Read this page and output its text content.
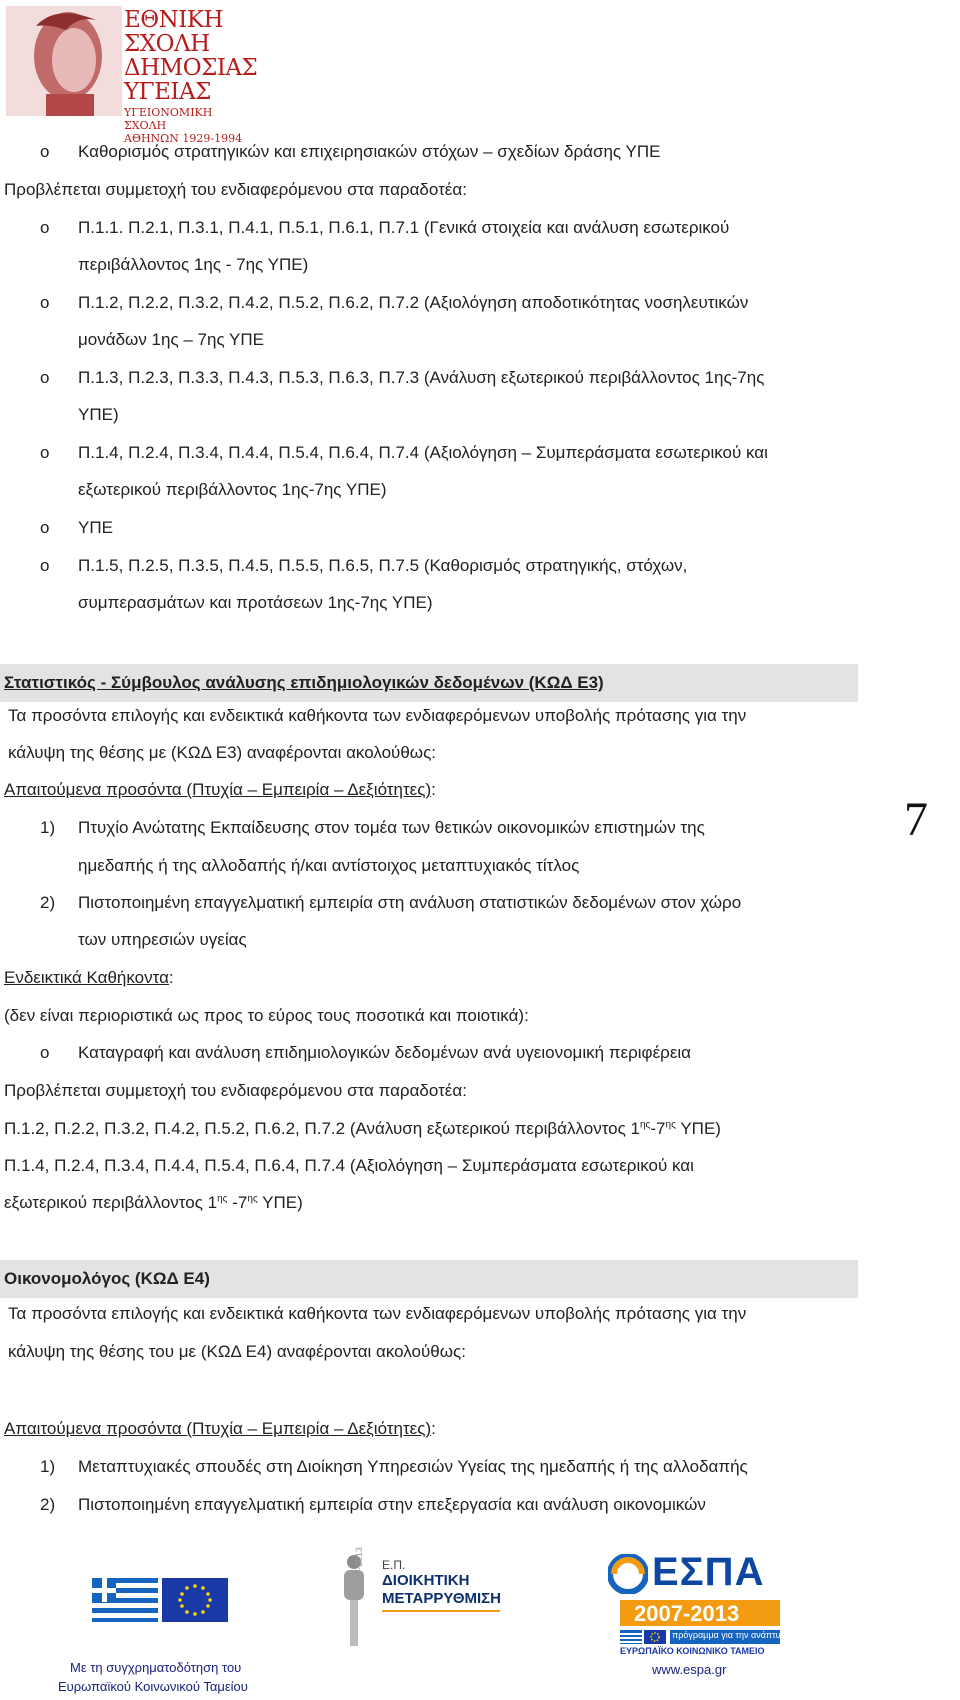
ΕΘΝΙΚΗ
ΣΧΟΛΗ
ΔΗΜΟΣΙΑΣ
ΥΓΕΙΑΣ
ΥΓΕΙΟΝΟΜΙΚΗ ΣΧΟΛΗ
ΑΘΗΝΩΝ 1929-1994
o Καθορισμός στρατηγικών και επιχειρησιακών στόχων – σχεδίων δράσης ΥΠΕ
Προβλέπεται συμμετοχή του ενδιαφερόμενου στα παραδοτέα:
o Π.1.1. Π.2.1, Π.3.1, Π.4.1, Π.5.1, Π.6.1, Π.7.1 (Γενικά στοιχεία και ανάλυση εσωτερικού
περιβάλλοντος 1ης - 7ης ΥΠΕ)
o Π.1.2, Π.2.2, Π.3.2, Π.4.2, Π.5.2, Π.6.2, Π.7.2 (Αξιολόγηση αποδοτικότητας νοσηλευτικών
μονάδων 1ης – 7ης ΥΠΕ
o Π.1.3, Π.2.3, Π.3.3, Π.4.3, Π.5.3, Π.6.3, Π.7.3 (Ανάλυση εξωτερικού περιβάλλοντος 1ης-7ης
ΥΠΕ)
o Π.1.4, Π.2.4, Π.3.4, Π.4.4, Π.5.4, Π.6.4, Π.7.4 (Αξιολόγηση – Συμπεράσματα εσωτερικού και
εξωτερικού περιβάλλοντος 1ης-7ης ΥΠΕ)
o ΥΠΕ
o Π.1.5, Π.2.5, Π.3.5, Π.4.5, Π.5.5, Π.6.5, Π.7.5 (Καθορισμός στρατηγικής, στόχων,
συμπερασμάτων και προτάσεων 1ης-7ης ΥΠΕ)
Στατιστικός - Σύμβουλος ανάλυσης επιδημιολογικών δεδομένων (ΚΩΔ Ε3)
Τα προσόντα επιλογής και ενδεικτικά καθήκοντα των ενδιαφερόμενων υποβολής πρότασης για την
κάλυψη της θέσης με (ΚΩΔ Ε3) αναφέρονται ακολούθως:
Απαιτούμενα προσόντα (Πτυχία – Εμπειρία – Δεξιότητες):
1) Πτυχίο Ανώτατης Εκπαίδευσης στον τομέα των θετικών οικονομικών επιστημών της
ημεδαπής ή της αλλοδαπής ή/και αντίστοιχος μεταπτυχιακός τίτλος
2) Πιστοποιημένη επαγγελματική εμπειρία στη ανάλυση στατιστικών δεδομένων στον χώρο
των υπηρεσιών υγείας
Ενδεικτικά Καθήκοντα:
(δεν είναι περιοριστικά ως προς το εύρος τους ποσοτικά και ποιοτικά):
o Καταγραφή και ανάλυση επιδημιολογικών δεδομένων ανά υγειονομική περιφέρεια
Προβλέπεται συμμετοχή του ενδιαφερόμενου στα παραδοτέα:
Π.1.2, Π.2.2, Π.3.2, Π.4.2, Π.5.2, Π.6.2, Π.7.2 (Ανάλυση εξωτερικού περιβάλλοντος $1^{\eta\varsigma}-7^{\eta\varsigma}$ ΥΠΕ)
Π.1.4, Π.2.4, Π.3.4, Π.4.4, Π.5.4, Π.6.4, Π.7.4 (Αξιολόγηση – Συμπεράσματα εσωτερικού και
εξωτερικού περιβάλλοντος $1^{\eta\varsigma}$ $-7^{\eta\varsigma}$ ΥΠΕ)
Οικονομολόγος (ΚΩΔ Ε4)
Τα προσόντα επιλογής και ενδεικτικά καθήκοντα των ενδιαφερόμενων υποβολής πρότασης για την
κάλυψη της θέσης του με (ΚΩΔ Ε4) αναφέρονται ακολούθως:
Απαιτούμενα προσόντα (Πτυχία – Εμπειρία – Δεξιότητες):
1) Μεταπτυχιακές σπουδές στη Διοίκηση Υπηρεσιών Υγείας της ημεδαπής ή της αλλοδαπής
2) Πιστοποιημένη επαγγελματική εμπειρία στην επεξεργασία και ανάλυση οικονομικών
7
2007-2013 Ε.Π.
ΔΙΟΙΚΗΤΙΚΗ
ΜΕΤΑΡΡΥΘΜΙΣΗ
ΕΣΠΑ
2007-2013
πρόγραμμα για την ανάπτυξη
ΕΥΡΩΠΑΪΚΟ ΚΟΙΝΩΝΙΚΟ ΤΑΜΕΙΟ
Με τη συγχρηματοδότηση του
Ευρωπαϊκού Κοινωνικού Ταμείου
www.espa.gr
